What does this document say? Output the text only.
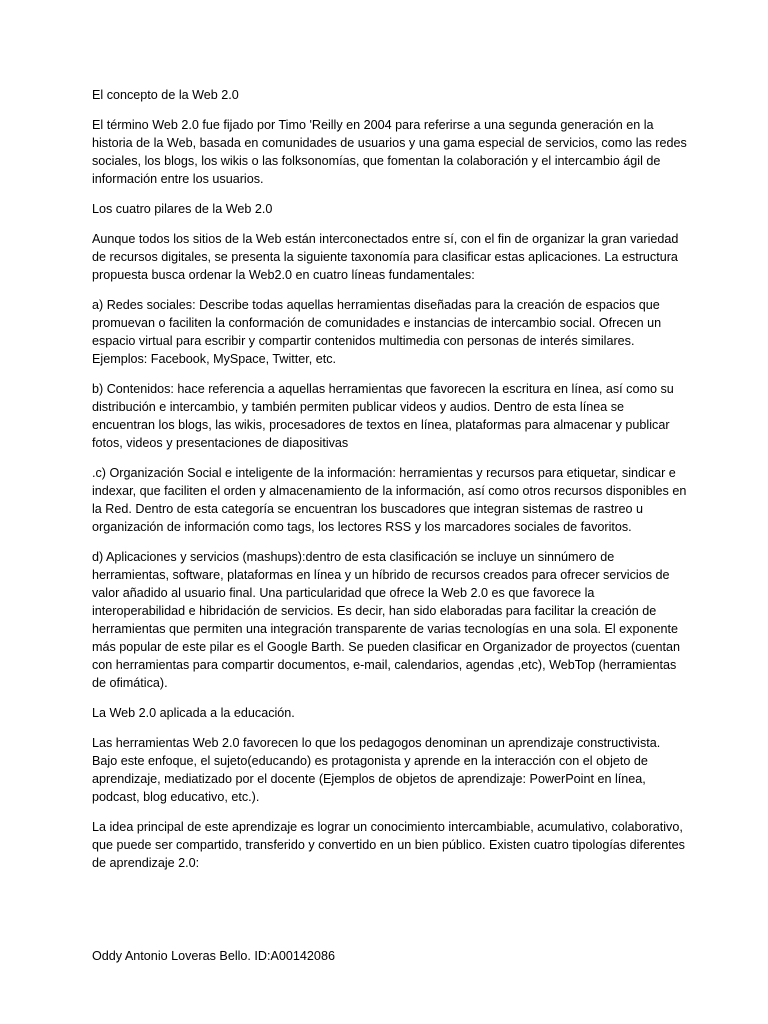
El concepto de la Web 2.0

El término Web 2.0 fue fijado por Timo 'Reilly en 2004 para referirse a una segunda generación en la historia de la Web, basada en comunidades de usuarios y una gama especial de servicios, como las redes sociales, los blogs, los wikis o las folksonomías, que fomentan la colaboración y el intercambio ágil de información entre los usuarios.

Los cuatro pilares de la Web 2.0

Aunque todos los sitios de la Web están interconectados entre sí, con el fin de organizar la gran variedad de recursos digitales, se presenta la siguiente taxonomía para clasificar estas aplicaciones. La estructura propuesta busca ordenar la Web2.0 en cuatro líneas fundamentales:

a) Redes sociales: Describe todas aquellas herramientas diseñadas para la creación de espacios que promuevan o faciliten la conformación de comunidades e instancias de intercambio social. Ofrecen un espacio virtual para escribir y compartir contenidos multimedia con personas de interés similares. Ejemplos: Facebook, MySpace, Twitter, etc.

b) Contenidos: hace referencia a aquellas herramientas que favorecen la escritura en línea, así como su distribución e intercambio, y también permiten publicar videos y audios. Dentro de esta línea se encuentran los blogs, las wikis, procesadores de textos en línea, plataformas para almacenar y publicar fotos, videos y presentaciones de diapositivas

.c) Organización Social e inteligente de la información: herramientas y recursos para etiquetar, sindicar e indexar, que faciliten el orden y almacenamiento de la información, así como otros recursos disponibles en la Red. Dentro de esta categoría se encuentran los buscadores que integran sistemas de rastreo u organización de información como tags, los lectores RSS y los marcadores sociales de favoritos.

d) Aplicaciones y servicios (mashups):dentro de esta clasificación se incluye un sinnúmero de herramientas, software, plataformas en línea y un híbrido de recursos creados para ofrecer servicios de valor añadido al usuario final. Una particularidad que ofrece la Web 2.0 es que favorece la interoperabilidad e hibridación de servicios. Es decir, han sido elaboradas para facilitar la creación de herramientas que permiten una integración transparente de varias tecnologías en una sola. El exponente más popular de este pilar es el Google Barth. Se pueden clasificar en Organizador de proyectos (cuentan con herramientas para compartir documentos, e-mail, calendarios, agendas ,etc), WebTop (herramientas de ofimática).

La Web 2.0 aplicada a la educación.

Las herramientas Web 2.0 favorecen lo que los pedagogos denominan un aprendizaje constructivista. Bajo este enfoque, el sujeto(educando) es protagonista y aprende en la interacción con el objeto de aprendizaje, mediatizado por el docente (Ejemplos de objetos de aprendizaje: PowerPoint en línea, podcast, blog educativo, etc.).

La idea principal de este aprendizaje es lograr un conocimiento intercambiable, acumulativo, colaborativo, que puede ser compartido, transferido y convertido en un bien público. Existen cuatro tipologías diferentes de aprendizaje 2.0:

Oddy Antonio Loveras Bello. ID:A00142086
